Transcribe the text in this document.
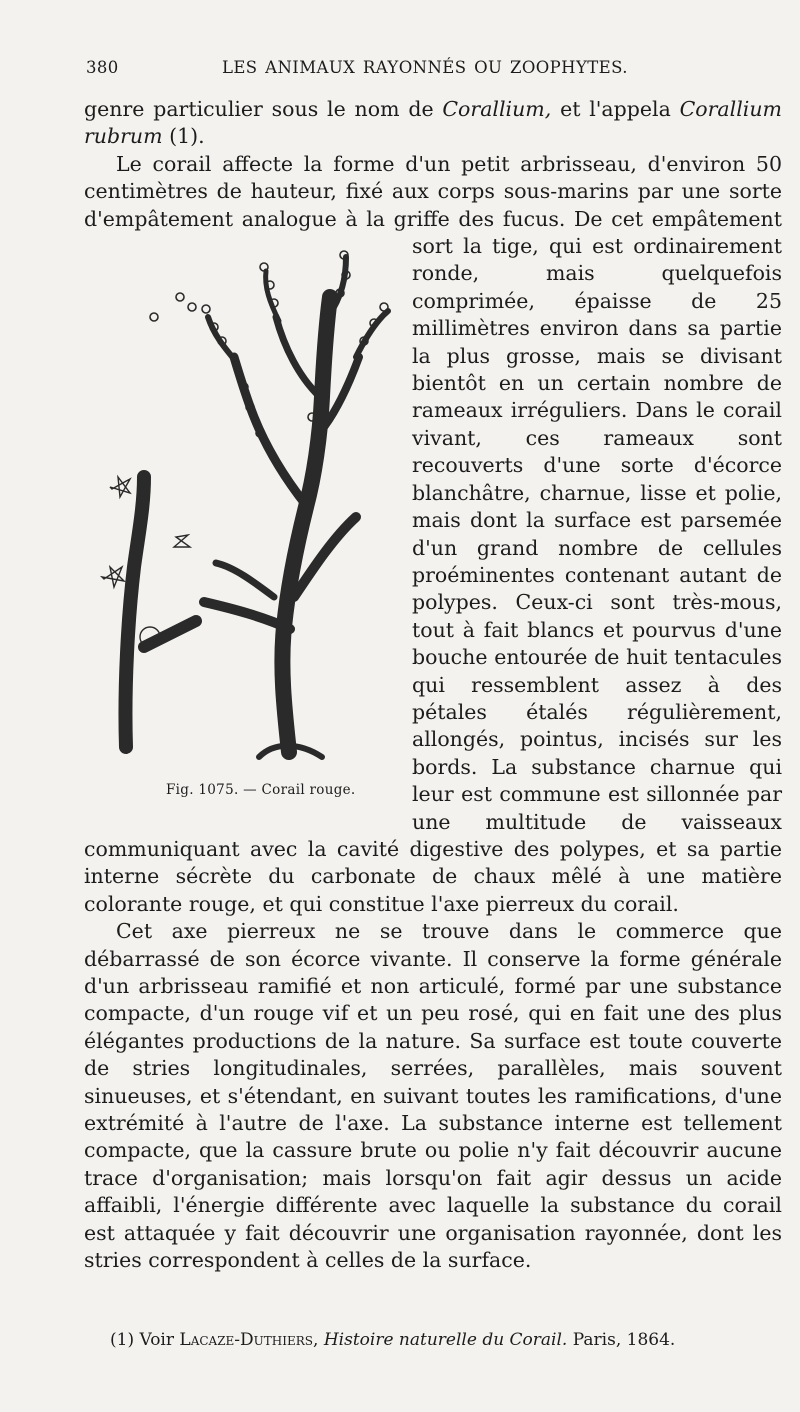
380	LES ANIMAUX RAYONNÉS OU ZOOPHYTES.

genre particulier sous le nom de Corallium, et l'appela Corallium rubrum (1).

Le corail affecte la forme d'un petit arbrisseau, d'environ 50 centimètres de hauteur, fixé aux corps sous-marins par une sorte d'empâtement analogue à la griffe des fucus.
Fig. 1075. — Corail rouge.
De cet empâtement sort la tige, qui est ordinairement ronde, mais quelquefois comprimée, épaisse de 25 millimètres environ dans sa partie la plus grosse, mais se divisant bientôt en un certain nombre de rameaux irréguliers. Dans le corail vivant, ces rameaux sont recouverts d'une sorte d'écorce blanchâtre, charnue, lisse et polie, mais dont la surface est parsemée d'un grand nombre de cellules proéminentes contenant autant de polypes. Ceux-ci sont très-mous, tout à fait blancs et pourvus d'une bouche entourée de huit tentacules qui ressemblent assez à des pétales étalés régulièrement, allongés, pointus, incisés sur les bords. La substance charnue qui leur est commune est sillonnée par une multitude de vaisseaux communiquant avec la cavité digestive des polypes, et sa partie interne sécrète du carbonate de chaux mêlé à une matière colorante rouge, et qui constitue l'axe pierreux du corail.

Cet axe pierreux ne se trouve dans le commerce que débarrassé de son écorce vivante. Il conserve la forme générale d'un arbrisseau ramifié et non articulé, formé par une substance compacte, d'un rouge vif et un peu rosé, qui en fait une des plus élégantes productions de la nature. Sa surface est toute couverte de stries longitudinales, serrées, parallèles, mais souvent sinueuses, et s'étendant, en suivant toutes les ramifications, d'une extrémité à l'autre de l'axe. La substance interne est tellement compacte, que la cassure brute ou polie n'y fait découvrir aucune trace d'organisation; mais lorsqu'on fait agir dessus un acide affaibli, l'énergie différente avec laquelle la substance du corail est attaquée y fait découvrir une organisation rayonnée, dont les stries correspondent à celles de la surface.

(1) Voir Lacaze-Duthiers, Histoire naturelle du Corail. Paris, 1864.
